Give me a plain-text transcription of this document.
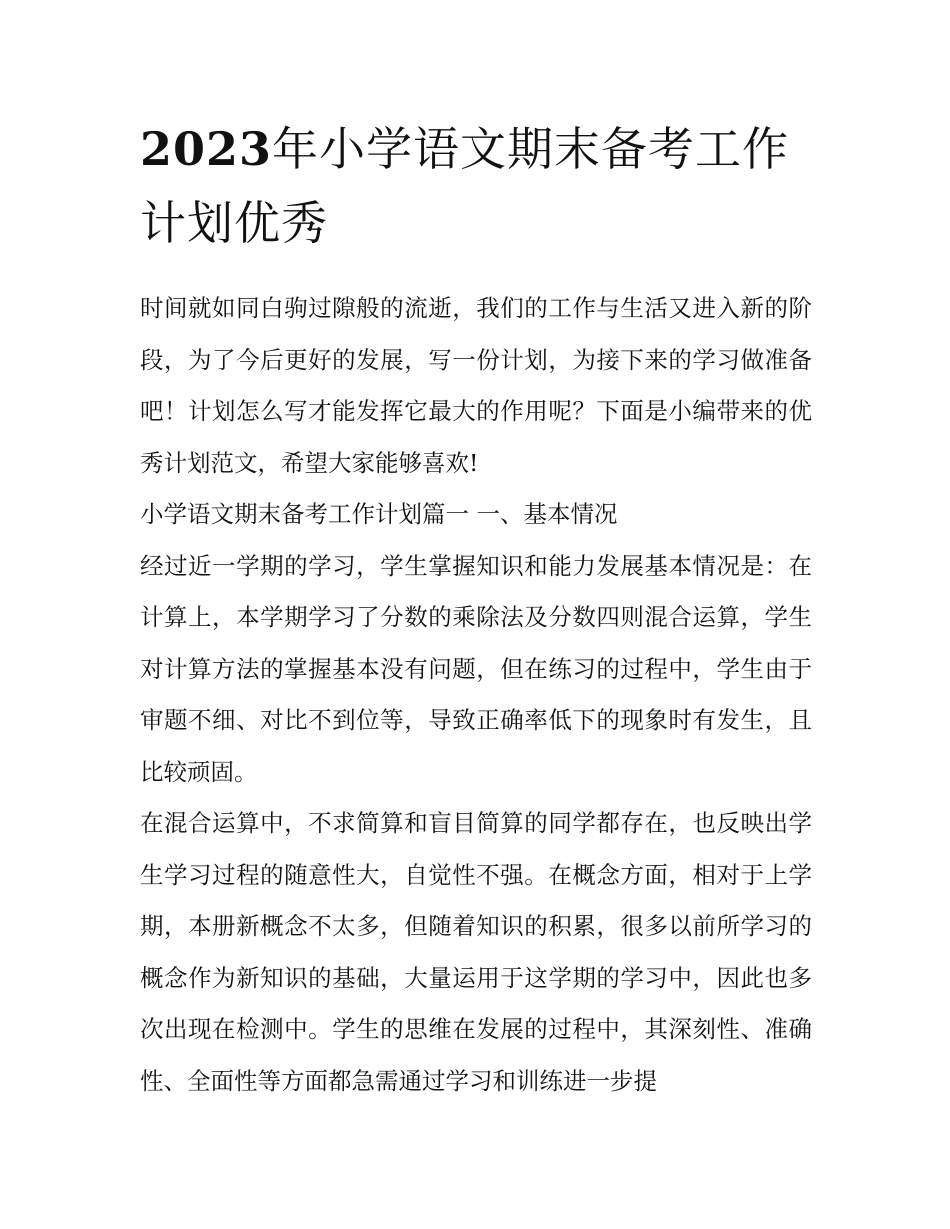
2023年小学语文期末备考工作计划优秀

时间就如同白驹过隙般的流逝，我们的工作与生活又进入新的阶段，为了今后更好的发展，写一份计划，为接下来的学习做准备吧！计划怎么写才能发挥它最大的作用呢？下面是小编带来的优秀计划范文，希望大家能够喜欢!

小学语文期末备考工作计划篇一 一、基本情况

经过近一学期的学习，学生掌握知识和能力发展基本情况是：在计算上，本学期学习了分数的乘除法及分数四则混合运算，学生对计算方法的掌握基本没有问题，但在练习的过程中，学生由于审题不细、对比不到位等，导致正确率低下的现象时有发生，且比较顽固。

在混合运算中，不求简算和盲目简算的同学都存在，也反映出学生学习过程的随意性大，自觉性不强。在概念方面，相对于上学期，本册新概念不太多，但随着知识的积累，很多以前所学习的概念作为新知识的基础，大量运用于这学期的学习中，因此也多次出现在检测中。学生的思维在发展的过程中，其深刻性、准确性、全面性等方面都急需通过学习和训练进一步提
